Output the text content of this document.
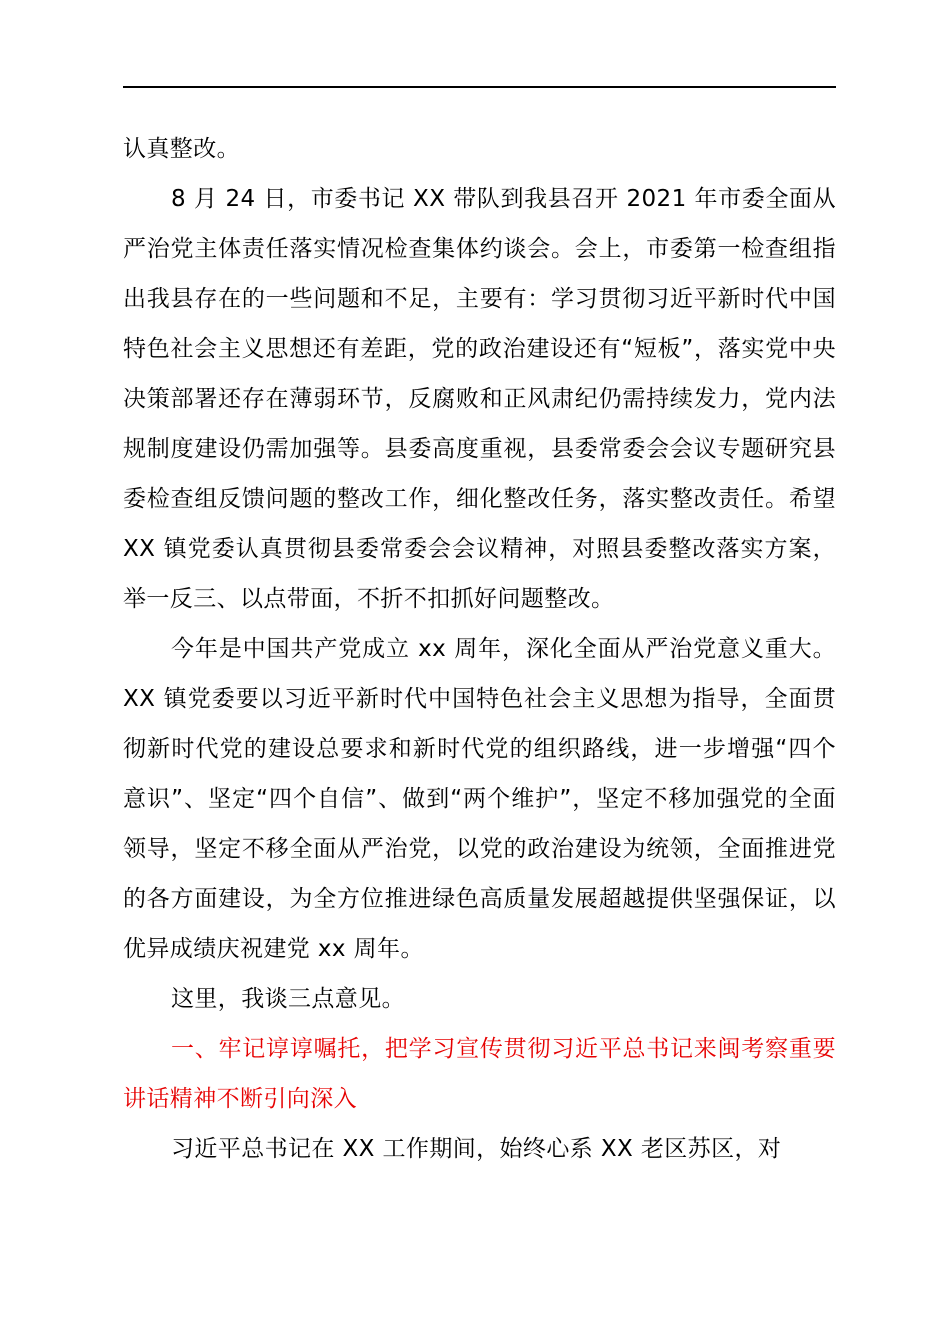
认真整改。

8 月 24 日，市委书记 XX 带队到我县召开 2021 年市委全面从严治党主体责任落实情况检查集体约谈会。会上，市委第一检查组指出我县存在的一些问题和不足，主要有：学习贯彻习近平新时代中国特色社会主义思想还有差距，党的政治建设还有“短板”，落实党中央决策部署还存在薄弱环节，反腐败和正风肃纪仍需持续发力，党内法规制度建设仍需加强等。县委高度重视，县委常委会会议专题研究县委检查组反馈问题的整改工作，细化整改任务，落实整改责任。希望 XX 镇党委认真贯彻县委常委会会议精神，对照县委整改落实方案，举一反三、以点带面，不折不扣抓好问题整改。

今年是中国共产党成立 xx 周年，深化全面从严治党意义重大。XX 镇党委要以习近平新时代中国特色社会主义思想为指导，全面贯彻新时代党的建设总要求和新时代党的组织路线，进一步增强“四个意识”、坚定“四个自信”、做到“两个维护”，坚定不移加强党的全面领导，坚定不移全面从严治党，以党的政治建设为统领，全面推进党的各方面建设，为全方位推进绿色高质量发展超越提供坚强保证，以优异成绩庆祝建党 xx 周年。

这里，我谈三点意见。

一、牢记谆谆嘱托，把学习宣传贯彻习近平总书记来闽考察重要讲话精神不断引向深入

习近平总书记在 XX 工作期间，始终心系 XX 老区苏区，对
